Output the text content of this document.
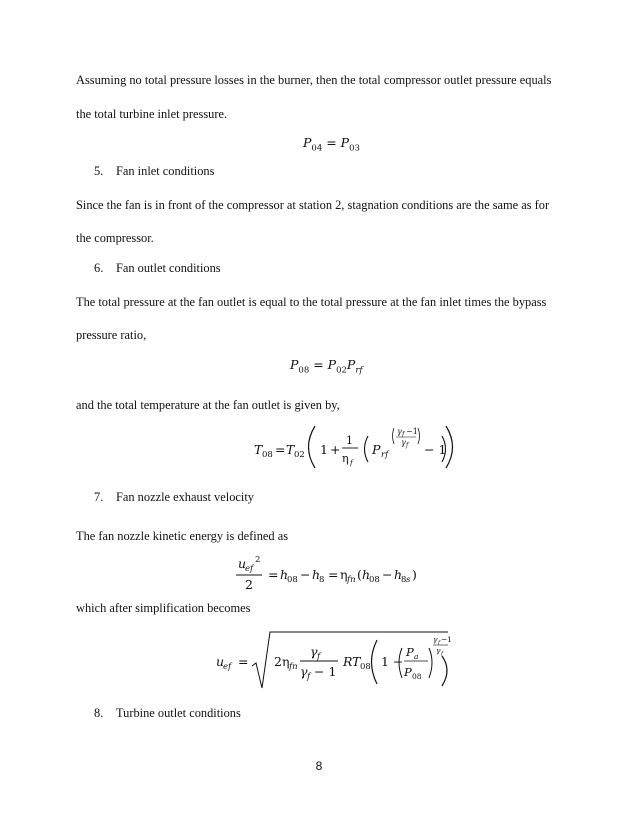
Assuming no total pressure losses in the burner, then the total compressor outlet pressure equals
the total turbine inlet pressure.
$P_{04} = P_{03}$
5. Fan inlet conditions
Since the fan is in front of the compressor at station 2, stagnation conditions are the same as for
the compressor.
6. Fan outlet conditions
The total pressure at the fan outlet is equal to the total pressure at the fan inlet times the bypass
pressure ratio,
$P_{08} = P_{02}P_{rf}$
and the total temperature at the fan outlet is given by,
T 08 = T 02 1 +
1
η f
P rf
γ f −1
γ f − 1
7. Fan nozzle exhaust velocity
The fan nozzle kinetic energy is defined as
u
ef
2
2
= h
08 − h
8 = η fn ( h
08 − h
8 s )
which after simplification becomes
u
ef = 2η fn
γ f
γ f − 1
R T 08 1 −
P a
P 08
γ f −1
γ f
8. Turbine outlet conditions
8
